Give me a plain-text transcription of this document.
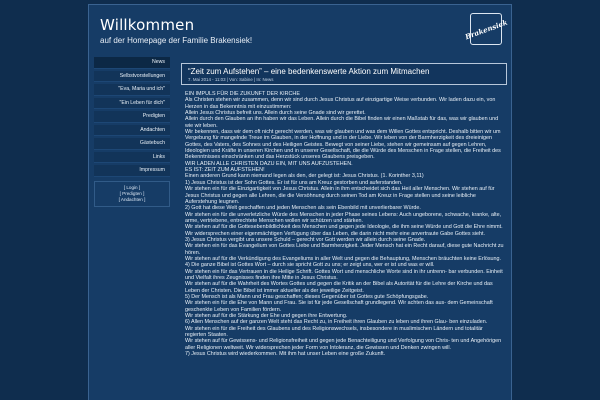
Willkommen
auf der Homepage der Familie Brakensiek!	Brakensiek
News
Selbstvorstellungen
"Eva, Maria und ich"
"Ein Leben für dich"
Predigten
Andachten
Gästebuch
Links
Impressum
[ Login ]
[ Predigten ]
[ Andachten ]
“Zeit zum Aufstehen” – eine bedenkenswerte Aktion zum Mitmachen
7. Mai 2014 - 11:03 | Von: Sabine | In: News

EIN IMPULS FÜR DIE ZUKUNFT DER KIRCHE

Als Christen stehen wir zusammen, denn wir sind durch Jesus Christus auf einzigartige Weise verbunden. Wir laden dazu ein, von Herzen in das Bekenntnis mit einzustimmen:

Allein Jesus Christus befreit uns. Allein durch seine Gnade sind wir gerettet.

Allein durch den Glauben an ihn haben wir das Leben. Allein durch die Bibel finden wir einen Maßstab für das, was wir glauben und wie wir leben.

Wir bekennen, dass wir dem oft nicht gerecht werden, was wir glauben und was dem Willen Gottes entspricht. Deshalb bitten wir um Vergebung für mangelnde Treue im Glauben, in der Hoffnung und in der Liebe. Wir leben von der Barmherzigkeit des dreieinigen Gottes, des Vaters, des Sohnes und des Heiligen Geistes. Bewegt von seiner Liebe, stehen wir gemeinsam auf gegen Lehren, Ideologien und Kräfte in unseren Kirchen und in unserer Gesellschaft, die die Würde des Menschen in Frage stellen, die Freiheit des Bekenntnisses einschränken und das Herzstück unseres Glaubens preisgeben.

WIR LADEN ALLE CHRISTEN DAZU EIN, MIT UNS AUFZUSTEHEN.

ES IST: ZEIT ZUM AUFSTEHEN!

Einen anderen Grund kann niemand legen als den, der gelegt ist: Jesus Christus. (1. Korinther 3,11)

1) Jesus Christus ist der Sohn Gottes. Er ist für uns am Kreuz gestorben und auferstanden.

Wir stehen ein für die Einzigartigkeit von Jesus Christus. Allein in ihm entscheidet sich das Heil aller Menschen. Wir stehen auf für Jesus Christus und gegen alle Lehren, die die Versöhnung durch seinen Tod am Kreuz in Frage stellen und seine leibliche Auferstehung leugnen.

2) Gott hat diese Welt geschaffen und jeden Menschen als sein Ebenbild mit unverlierbarer Würde.

Wir stehen ein für die unverletzliche Würde des Menschen in jeder Phase seines Lebens: Auch ungeborene, schwache, kranke, alte, arme, vertriebene, entrechtete Menschen wollen wir schützen und stärken.

Wir stehen auf für die Gottesebenbildlichkeit des Menschen und gegen jede Ideologie, die ihm seine Würde und Gott die Ehre nimmt. Wir widersprechen einer eigenmächtigen Verfügung über das Leben, die darin nicht mehr eine anvertraute Gabe Gottes sieht.

3) Jesus Christus vergibt uns unsere Schuld – gerecht vor Gott werden wir allein durch seine Gnade.

Wir stehen ein für das Evangelium von Gottes Liebe und Barmherzigkeit. Jeder Mensch hat ein Recht darauf, diese gute Nachricht zu hören.

Wir stehen auf für die Verkündigung des Evangeliums in aller Welt und gegen die Behauptung, Menschen bräuchten keine Erlösung.

4) Die ganze Bibel ist Gottes Wort – durch sie spricht Gott zu uns; er zeigt uns, wer er ist und was er will.

Wir stehen ein für das Vertrauen in die Heilige Schrift. Gottes Wort und menschliche Worte sind in ihr untrenn- bar verbunden. Einheit und Vielfalt ihres Zeugnisses finden ihre Mitte in Jesus Christus.

Wir stehen auf für die Wahrheit des Wortes Gottes und gegen die Kritik an der Bibel als Autorität für die Lehre der Kirche und das Leben der Christen. Die Bibel ist immer aktueller als der jeweilige Zeitgeist.

5) Der Mensch ist als Mann und Frau geschaffen; dieses Gegenüber ist Gottes gute Schöpfungsgabe.

Wir stehen ein für die Ehe von Mann und Frau. Sie ist für jede Gesellschaft grundlegend. Wir achten das aus- dem Gemeinschaft geschenkte Leben von Familien fördern.

Wir stehen auf für die Stärkung der Ehe und gegen ihre Entwertung.

6) Allen Menschen auf der ganzen Welt steht das Recht zu, in Freiheit ihren Glauben zu leben und ihren Glau- ben einzuladen.

Wir stehen ein für die Freiheit des Glaubens und des Religionswechsels, insbesondere in muslimischen Ländern und totalitär regierten Staaten.

Wir stehen auf für Gewissens- und Religionsfreiheit und gegen jede Benachteiligung und Verfolgung von Chris- ten und Angehörigen aller Religionen weltweit. Wir widersprechen jeder Form von Intoleranz, die Gewissen und Denken zwingen will.

7) Jesus Christus wird wiederkommen. Mit ihm hat unser Leben eine große Zukunft.
